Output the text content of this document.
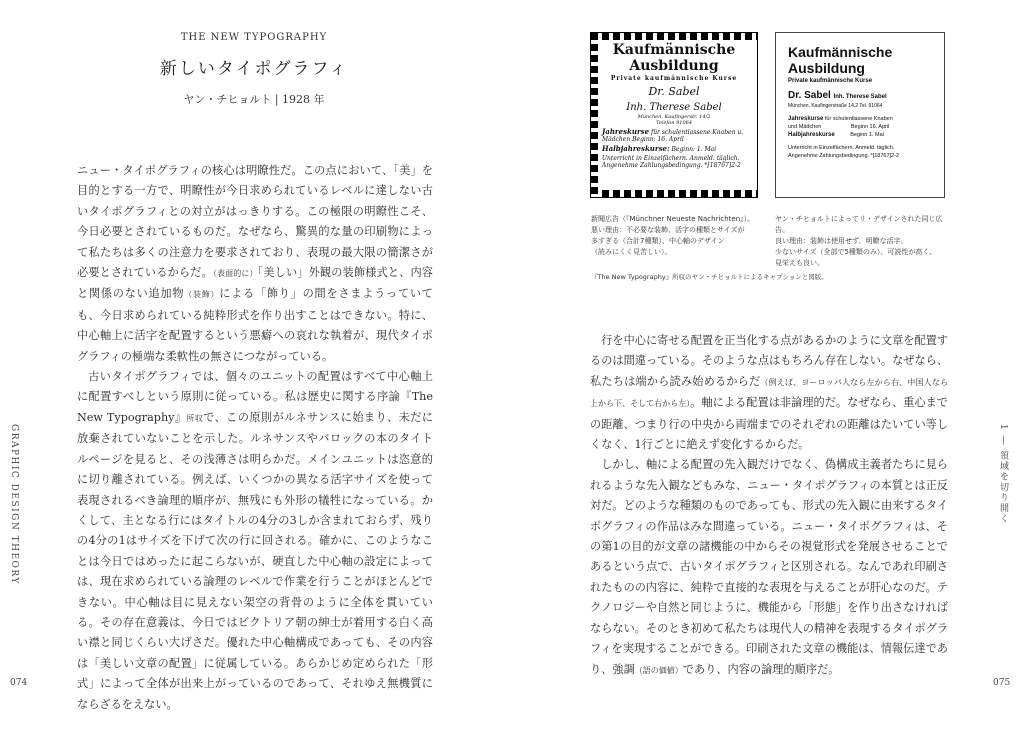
THE NEW TYPOGRAPHY
新しいタイポグラフィ
ヤン・チヒョルト | 1928 年
GRAPHIC DESIGN THEORY

ニュー・タイポグラフィの核心は明瞭性だ。この点において、「美」を目的とする一方で、明瞭性が今日求められているレベルに達しない古いタイポグラフィとの対立がはっきりする。この極限の明瞭性こそ、今日必要とされているものだ。なぜなら、驚異的な量の印刷物によって私たちは多くの注意力を要求されており、表現の最大限の簡潔さが必要とされているからだ。（表面的に）「美しい」外観の装飾様式と、内容と関係のない追加物（装飾）による「飾り」の間をさまようっていても、今日求められている純粋形式を作り出すことはできない。特に、中心軸上に活字を配置するという悪癖への哀れな執着が、現代タイポグラフィの極端な柔軟性の無さにつながっている。

古いタイポグラフィでは、個々のユニットの配置はすべて中心軸上に配置すべしという原則に従っている。私は歴史に関する序論『The New Typography』所収で、この原則がルネサンスに始まり、未だに放棄されていないことを示した。ルネサンスやバロックの本のタイトルページを見ると、その浅薄さは明らかだ。メインユニットは恣意的に切り離されている。例えば、いくつかの異なる活字サイズを使って表現されるべき論理的順序が、無残にも外形の犠牲になっている。かくして、主となる行にはタイトルの4分の3しか含まれておらず、残りの4分の1はサイズを下げて次の行に回される。確かに、このようなことは今日ではめったに起こらないが、硬直した中心軸の設定によっては、現在求められている論理のレベルで作業を行うことがほとんどできない。中心軸は目に見えない架空の背骨のように全体を貫いている。その存在意義は、今日ではビクトリア朝の紳士が着用する白く高い襟と同じくらい大げさだ。優れた中心軸構成であっても、その内容は「美しい文章の配置」に従属している。あらかじめ定められた「形式」によって全体が出来上がっているのであって、それゆえ無機質にならざるをえない。

074
Kaufmännische
Ausbildung
Private kaufmännische Kurse
Dr. Sabel
Inh. Therese Sabel
München, Kaufingerstr. 14/2
Telefon 91064
Jahreskurse für schulentlassene Knaben u. Mädchen Beginn: 16. April
Halbjahreskurse: Beginn: 1. Mai
Unterricht in Einzelfächern. Anmeld. täglich.
Angenehme Zahlungsbedingung. *[18767]2-2
Kaufmännische
Ausbildung
Private kaufmännische Kurse
Dr. Sabel Inh. Therese Sabel
München, Kaufingerstraße 14,2 Tel. 91064
Jahreskurse für schulentlassene Knaben
und Mädchen	Beginn 16. April
Halbjahreskurse	Beginn 1. Mai
Unterricht in Einzelfächern. Anmeld. täglich.
Angenehme Zahlungsbedingung. *[18767]2-2
新聞広告（『Münchner Neueste Nachrichten』）。
悪い理由：不必要な装飾、活字の種類とサイズが
多すぎる（合計7種類）、中心軸のデザイン
（読みにくく見苦しい）。
ヤン・チヒョルトによってリ・デザインされた同じ広告。
良い理由：装飾は使用せず、明瞭な活字、
少ないサイズ（全部で5種類のみ）、可読性が高く、
見栄えも良い。
『The New Typography』所収のヤン・チヒョルトによるキャプションと図版。

行を中心に寄せる配置を正当化する点があるかのように文章を配置するのは間違っている。そのような点はもちろん存在しない。なぜなら、私たちは端から読み始めるからだ（例えば、ヨーロッパ人なら左から右、中国人なら上から下、そして右から左）。軸による配置は非論理的だ。なぜなら、重心までの距離、つまり行の中央から両端までのそれぞれの距離はたいてい等しくなく、1行ごとに絶えず変化するからだ。

しかし、軸による配置の先入観だけでなく、偽構成主義者たちに見られるような先入観などもみな、ニュー・タイポグラフィの本質とは正反対だ。どのような種類のものであっても、形式の先入観に由来するタイポグラフィの作品はみな間違っている。ニュー・タイポグラフィは、その第1の目的が文章の諸機能の中からその視覚形式を発展させることであるという点で、古いタイポグラフィと区別される。なんであれ印刷されたものの内容に、純粋で直接的な表現を与えることが肝心なのだ。テクノロジーや自然と同じように、機能から「形態」を作り出さなければならない。そのとき初めて私たちは現代人の精神を表現するタイポグラフィを実現することができる。印刷された文章の機能は、情報伝達であり、強調（語の価値）であり、内容の論理的順序だ。

1 ― 領域を切り開く
075
